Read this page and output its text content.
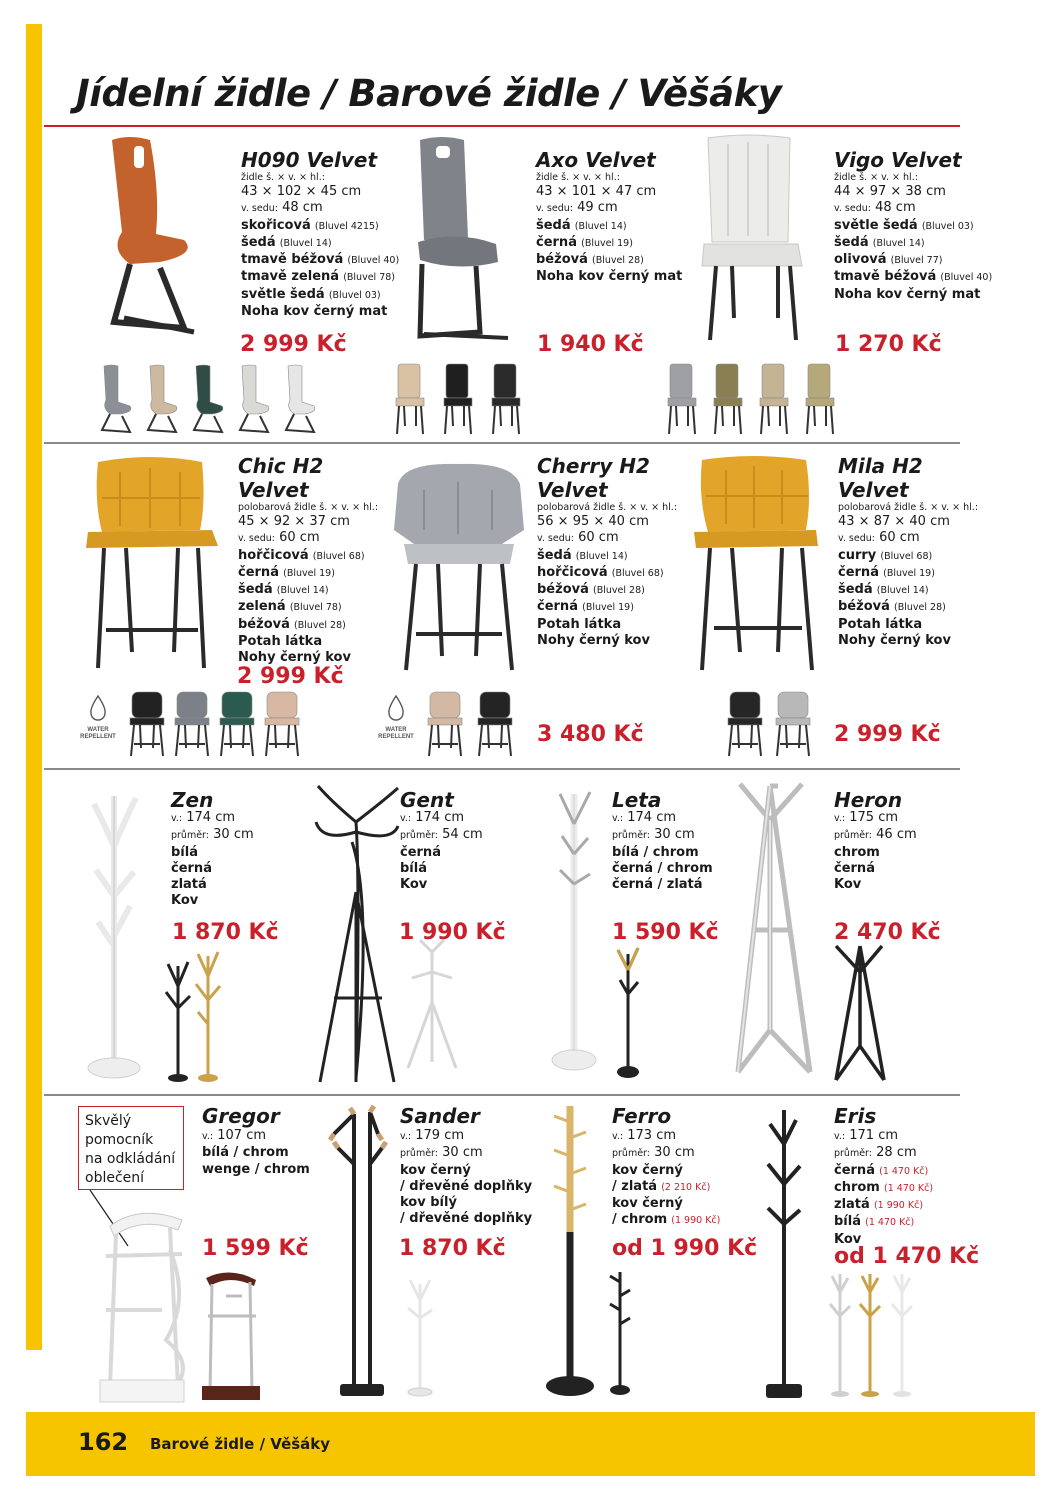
162 Barové židle / Věšáky
Jídelní židle / Barové židle / Věšáky
H090 Velvet
židle š. × v. × hl.:
43 × 102 × 45 cm
v. sedu: 48 cm
skořicová (Bluvel 4215)
šedá (Bluvel 14)
tmavě béžová (Bluvel 40)
tmavě zelená (Bluvel 78)
světle šedá (Bluvel 03)
Noha kov černý mat
2 999 Kč
Axo Velvet
židle š. × v. × hl.:
43 × 101 × 47 cm
v. sedu: 49 cm
šedá (Bluvel 14)
černá (Bluvel 19)
béžová (Bluvel 28)
Noha kov černý mat
1 940 Kč
Vigo Velvet
židle š. × v. × hl.:
44 × 97 × 38 cm
v. sedu: 48 cm
světle šedá (Bluvel 03)
šedá (Bluvel 14)
olivová (Bluvel 77)
tmavě béžová (Bluvel 40)
Noha kov černý mat
1 270 Kč
Chic H2
Velvet
polobarová židle š. × v. × hl.:
45 × 92 × 37 cm
v. sedu: 60 cm
hořčicová (Bluvel 68)
černá (Bluvel 19)
šedá (Bluvel 14)
zelená (Bluvel 78)
béžová (Bluvel 28)
Potah látka
Nohy černý kov
2 999 Kč
WATER
REPELLENT
Cherry H2
Velvet
polobarová židle š. × v. × hl.:
56 × 95 × 40 cm
v. sedu: 60 cm
šedá (Bluvel 14)
hořčicová (Bluvel 68)
béžová (Bluvel 28)
černá (Bluvel 19)
Potah látka
Nohy černý kov
3 480 Kč
WATER
REPELLENT
Mila H2
Velvet
polobarová židle š. × v. × hl.:
43 × 87 × 40 cm
v. sedu: 60 cm
curry (Bluvel 68)
černá (Bluvel 19)
šedá (Bluvel 14)
béžová (Bluvel 28)
Potah látka
Nohy černý kov
2 999 Kč
Zen
v.: 174 cm
průměr: 30 cm
bílá
černá
zlatá
Kov
1 870 Kč
Gent
v.: 174 cm
průměr: 54 cm
černá
bílá
Kov
1 990 Kč
Leta
v.: 174 cm
průměr: 30 cm
bílá / chrom
černá / chrom
černá / zlatá
1 590 Kč
Heron
v.: 175 cm
průměr: 46 cm
chrom
černá
Kov
2 470 Kč
Skvělý
pomocník
na odkládání
oblečení
Gregor
v.: 107 cm
bílá / chrom
wenge / chrom
1 599 Kč
Sander
v.: 179 cm
průměr: 30 cm
kov černý
/ dřevěné doplňky
kov bílý
/ dřevěné doplňky
1 870 Kč
Ferro
v.: 173 cm
průměr: 30 cm
kov černý
/ zlatá (2 210 Kč)
kov černý
/ chrom (1 990 Kč)
od 1 990 Kč
Eris
v.: 171 cm
průměr: 28 cm
černá (1 470 Kč)
chrom (1 470 Kč)
zlatá (1 990 Kč)
bílá (1 470 Kč)
Kov
od 1 470 Kč
